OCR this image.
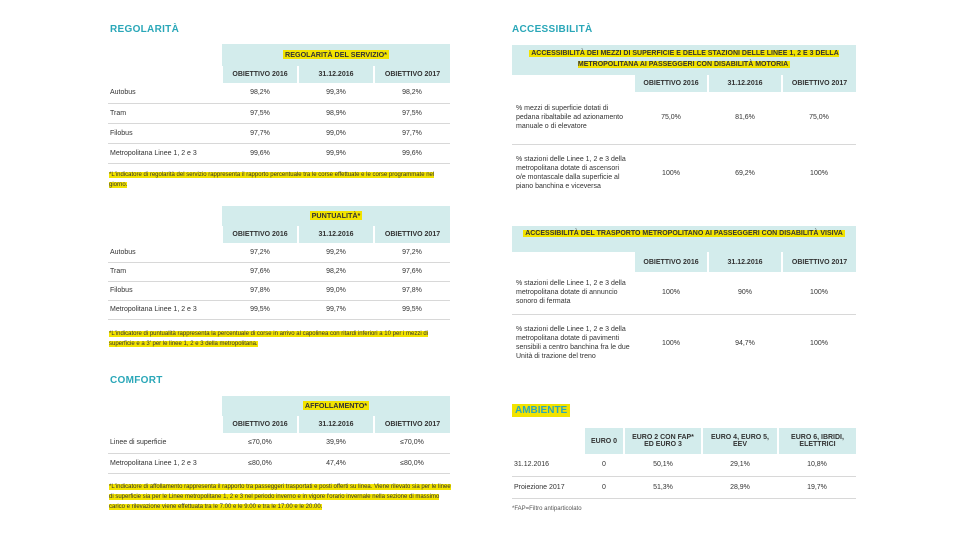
REGOLARITÀ
REGOLARITÀ DEL SERVIZIO*
	OBIETTIVO 2016	31.12.2016	OBIETTIVO 2017
Autobus	98,2%	99,3%	98,2%
Tram	97,5%	98,9%	97,5%
Filobus	97,7%	99,0%	97,7%
Metropolitana Linee 1, 2 e 3	99,6%	99,9%	99,6%
*L'indicatore di regolarità del servizio rappresenta il rapporto percentuale tra le corse effettuate e le corse programmate nel giorno.
PUNTUALITÀ*
	OBIETTIVO 2016	31.12.2016	OBIETTIVO 2017
Autobus	97,2%	99,2%	97,2%
Tram	97,6%	98,2%	97,6%
Filobus	97,8%	99,0%	97,8%
Metropolitana Linee 1, 2 e 3	99,5%	99,7%	99,5%
*L'indicatore di puntualità rappresenta la percentuale di corse in arrivo al capolinea con ritardi inferiori a 10 per i mezzi di superficie e a 3' per le linee 1, 2 e 3 della metropolitana.
COMFORT
AFFOLLAMENTO*
	OBIETTIVO 2016	31.12.2016	OBIETTIVO 2017
Linee di superficie	≤70,0%	39,9%	≤70,0%
Metropolitana Linee 1, 2 e 3	≤80,0%	47,4%	≤80,0%
*L'indicatore di affollamento rappresenta il rapporto tra passeggeri trasportati e posti offerti su linea. Viene rilevato sia per le linee di superficie sia per le Linee metropolitane 1, 2 e 3 nel periodo inverno e in vigore l'orario invernale nella sezione di massimo carico e rilevazione viene effettuata tra le 7.00 e le 9.00 e tra le 17.00 e le 20.00.
ACCESSIBILITÀ
ACCESSIBILITÀ DEI MEZZI DI SUPERFICIE E DELLE STAZIONI DELLE LINEE 1, 2 E 3 DELLA METROPOLITANA AI PASSEGGERI CON DISABILITÀ MOTORIA
	OBIETTIVO 2016	31.12.2016	OBIETTIVO 2017
% mezzi di superficie dotati di pedana ribaltabile ad azionamento manuale o di elevatore	75,0%	81,6%	75,0%
% stazioni delle Linee 1, 2 e 3 della metropolitana dotate di ascensori o/e montascale dalla superficie al piano banchina e viceversa	100%	69,2%	100%
ACCESSIBILITÀ DEL TRASPORTO METROPOLITANO AI PASSEGGERI CON DISABILITÀ VISIVA
	OBIETTIVO 2016	31.12.2016	OBIETTIVO 2017
% stazioni delle Linee 1, 2 e 3 della metropolitana dotate di annuncio sonoro di fermata	100%	90%	100%
% stazioni delle Linee 1, 2 e 3 della metropolitana dotate di pavimenti sensibili a centro banchina fra le due Unità di trazione del treno	100%	94,7%	100%
AMBIENTE
	EURO 0	EURO 2 CON FAP* ED EURO 3	EURO 4, EURO 5, EEV	EURO 6, IBRIDI, ELETTRICI
31.12.2016	0	50,1%	29,1%	10,8%
Proiezione 2017	0	51,3%	28,9%	19,7%
*FAP=Filtro antiparticolato
